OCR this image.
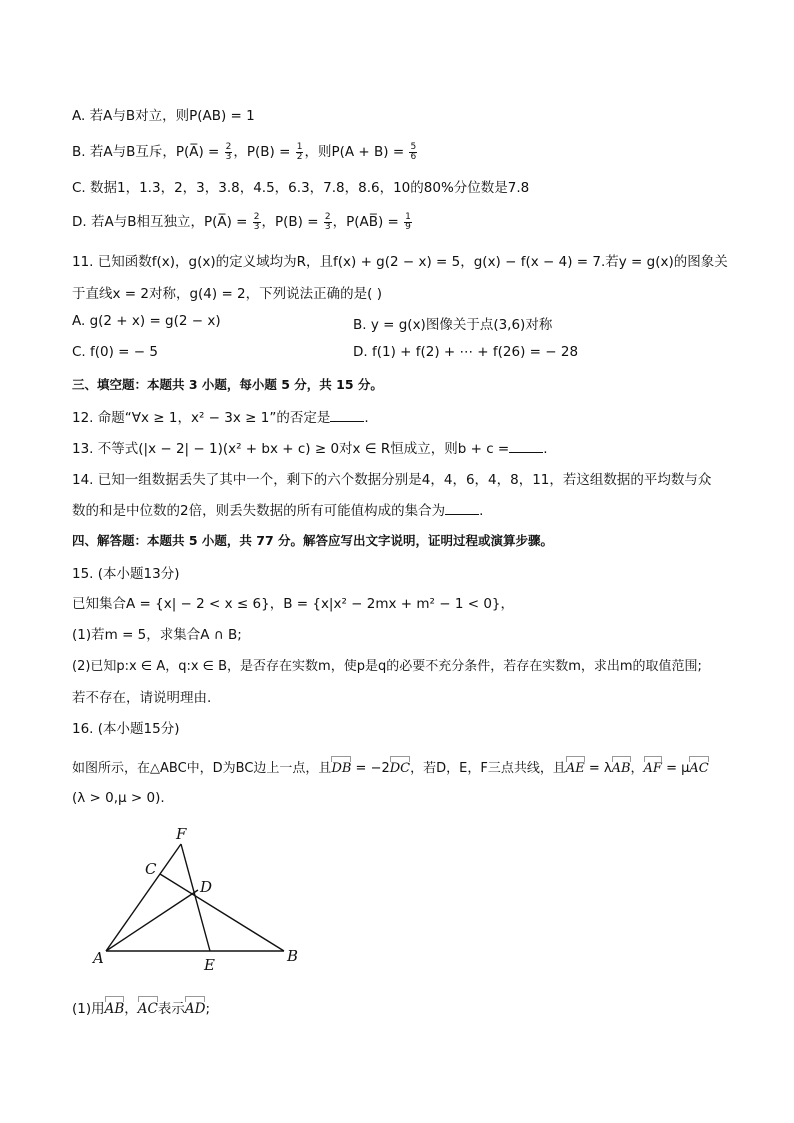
A. 若A与B对立，则P(AB) = 1
B. 若A与B互斥，P(A̅) = $\frac{2}{3}$ ，$P(B) = \frac{1}{2}$ ，则$P(A + B) = \frac{5}{6}$
C. 数据1，1.3，2，3，3.8，4.5，6.3，7.8，8.6，10的80%分位数是7.8
D. 若A与B相互独立，P(A̅) = $\frac{2}{3}$ ，$P(B) = \frac{2}{3}$ ，P(AB̅) = $\frac{1}{9}$
11. 已知函数f(x)，g(x)的定义域均为R，且f(x) + g(2 − x) = 5，g(x) − f(x − 4) = 7.若y = g(x)的图象关
于直线x = 2对称，g(4) = 2，下列说法正确的是( )
A. g(2 + x) = g(2 − x)	B. y = g(x)图像关于点(3,6)对称
C. f(0) = − 5	D. f(1) + f(2) + ⋯ + f(26) = − 28
三、填空题：本题共 3 小题，每小题 5 分，共 15 分。
12. 命题“∀x ≥ 1，x² − 3x ≥ 1”的否定是	.
13. 不等式(|x − 2| − 1)(x² + bx + c) ≥ 0对x ∈ R恒成立，则b + c =	.
14. 已知一组数据丢失了其中一个，剩下的六个数据分别是4，4，6，4，8，11，若这组数据的平均数与众
数的和是中位数的2倍，则丢失数据的所有可能值构成的集合为	.
四、解答题：本题共 5 小题，共 77 分。解答应写出文字说明，证明过程或演算步骤。
15. (本小题13分)
已知集合A = {x| − 2 < x ≤ 6}，B = {x|x² − 2mx + m² − 1 < 0}，
(1)若m = 5，求集合A ∩ B;
(2)已知p:x ∈ A，q:x ∈ B，是否存在实数m，使p是q的必要不充分条件，若存在实数m，求出m的取值范围;
若不存在，请说明理由.
16. (本小题15分)
如图所示，在△ABC中，D为BC边上一点，且DB = −2DC，若D，E，F三点共线，且AE = λAB，AF = μAC
(λ > 0,μ > 0).
F
C
D
A	E	B
(1)用AB，AC表示AD;
